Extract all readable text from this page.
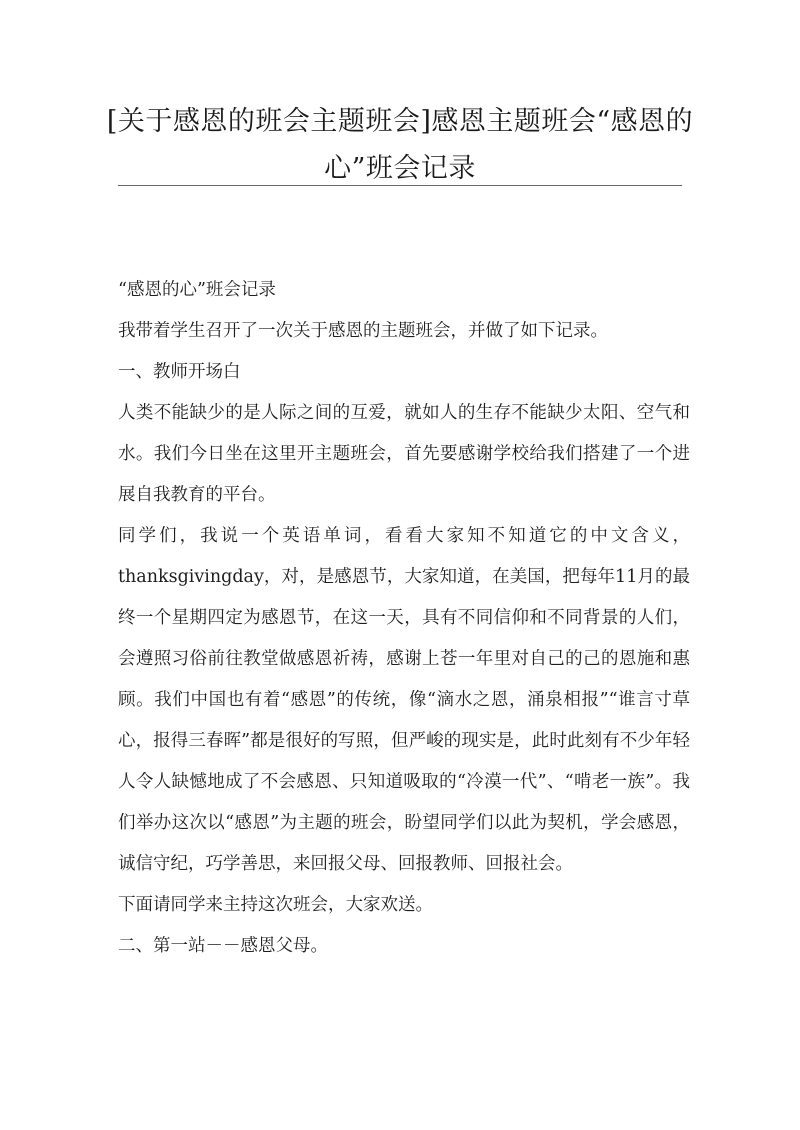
[关于感恩的班会主题班会]感恩主题班会“感恩的心”班会记录

“感恩的心”班会记录

我带着学生召开了一次关于感恩的主题班会，并做了如下记录。

一、教师开场白

人类不能缺少的是人际之间的互爱，就如人的生存不能缺少太阳、空气和水。我们今日坐在这里开主题班会，首先要感谢学校给我们搭建了一个进展自我教育的平台。

同学们，我说一个英语单词，看看大家知不知道它的中文含义，thanksgivingday，对，是感恩节，大家知道，在美国，把每年11月的最终一个星期四定为感恩节，在这一天，具有不同信仰和不同背景的人们，会遵照习俗前往教堂做感恩祈祷，感谢上苍一年里对自己的己的恩施和惠顾。我们中国也有着“感恩”的传统，像“滴水之恩，涌泉相报”“谁言寸草心，报得三春晖”都是很好的写照，但严峻的现实是，此时此刻有不少年轻人令人缺憾地成了不会感恩、只知道吸取的“冷漠一代”、“啃老一族”。我们举办这次以“感恩”为主题的班会，盼望同学们以此为契机，学会感恩，诚信守纪，巧学善思，来回报父母、回报教师、回报社会。

下面请同学来主持这次班会，大家欢送。

二、第一站－－感恩父母。
